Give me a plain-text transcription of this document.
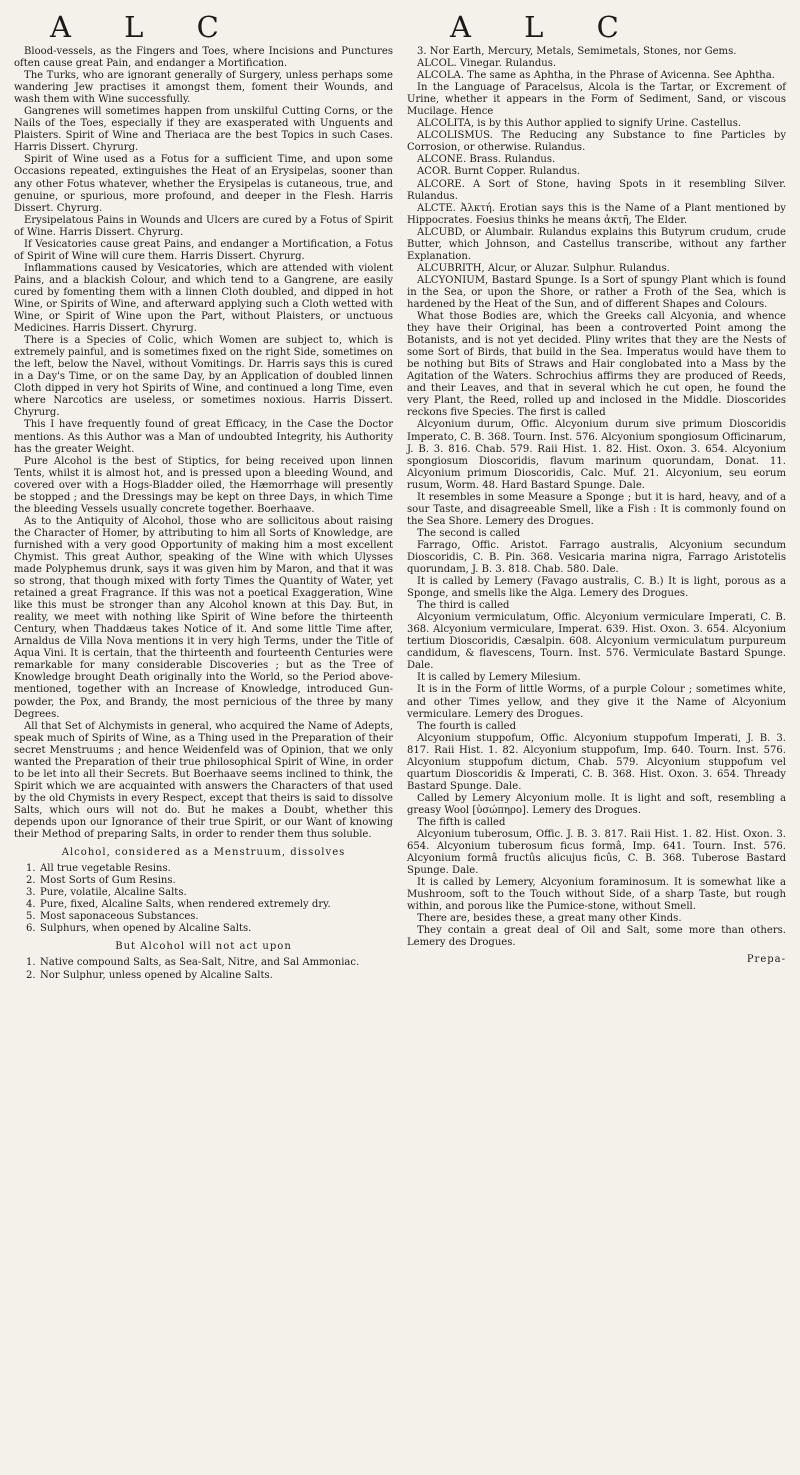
A L C	A L C

Blood-vessels, as the Fingers and Toes, where Incisions and Punctures often cause great Pain, and endanger a Mortification.

The Turks, who are ignorant generally of Surgery, unless perhaps some wandering Jew practises it amongst them, foment their Wounds, and wash them with Wine successfully.

Gangrenes will sometimes happen from unskilful Cutting Corns, or the Nails of the Toes, especially if they are exasperated with Unguents and Plaisters. Spirit of Wine and Theriaca are the best Topics in such Cases. Harris Dissert. Chyrurg.

Spirit of Wine used as a Fotus for a sufficient Time, and upon some Occasions repeated, extinguishes the Heat of an Erysipelas, sooner than any other Fotus whatever, whether the Erysipelas is cutaneous, true, and genuine, or spurious, more profound, and deeper in the Flesh. Harris Dissert. Chyrurg.

Erysipelatous Pains in Wounds and Ulcers are cured by a Fotus of Spirit of Wine. Harris Dissert. Chyrurg.

If Vesicatories cause great Pains, and endanger a Mortification, a Fotus of Spirit of Wine will cure them. Harris Dissert. Chyrurg.

Inflammations caused by Vesicatories, which are attended with violent Pains, and a blackish Colour, and which tend to a Gangrene, are easily cured by fomenting them with a linnen Cloth doubled, and dipped in hot Wine, or Spirits of Wine, and afterward applying such a Cloth wetted with Wine, or Spirit of Wine upon the Part, without Plaisters, or unctuous Medicines. Harris Dissert. Chyrurg.

There is a Species of Colic, which Women are subject to, which is extremely painful, and is sometimes fixed on the right Side, sometimes on the left, below the Navel, without Vomitings. Dr. Harris says this is cured in a Day's Time, or on the same Day, by an Application of doubled linnen Cloth dipped in very hot Spirits of Wine, and continued a long Time, even where Narcotics are useless, or sometimes noxious. Harris Dissert. Chyrurg.

This I have frequently found of great Efficacy, in the Case the Doctor mentions. As this Author was a Man of undoubted Integrity, his Authority has the greater Weight.

Pure Alcohol is the best of Stiptics, for being received upon linnen Tents, whilst it is almost hot, and is pressed upon a bleeding Wound, and covered over with a Hogs-Bladder oiled, the Hæmorrhage will presently be stopped ; and the Dressings may be kept on three Days, in which Time the bleeding Vessels usually concrete together. Boerhaave.

As to the Antiquity of Alcohol, those who are sollicitous about raising the Character of Homer, by attributing to him all Sorts of Knowledge, are furnished with a very good Opportunity of making him a most excellent Chymist. This great Author, speaking of the Wine with which Ulysses made Polyphemus drunk, says it was given him by Maron, and that it was so strong, that though mixed with forty Times the Quantity of Water, yet retained a great Fragrance. If this was not a poetical Exaggeration, Wine like this must be stronger than any Alcohol known at this Day. But, in reality, we meet with nothing like Spirit of Wine before the thirteenth Century, when Thaddæus takes Notice of it. And some little Time after, Arnaldus de Villa Nova mentions it in very high Terms, under the Title of Aqua Vini. It is certain, that the thirteenth and fourteenth Centuries were remarkable for many considerable Discoveries ; but as the Tree of Knowledge brought Death originally into the World, so the Period above-mentioned, together with an Increase of Knowledge, introduced Gun-powder, the Pox, and Brandy, the most pernicious of the three by many Degrees.

All that Set of Alchymists in general, who acquired the Name of Adepts, speak much of Spirits of Wine, as a Thing used in the Preparation of their secret Menstruums ; and hence Weidenfeld was of Opinion, that we only wanted the Preparation of their true philosophical Spirit of Wine, in order to be let into all their Secrets. But Boerhaave seems inclined to think, the Spirit which we are acquainted with answers the Characters of that used by the old Chymists in every Respect, except that theirs is said to dissolve Salts, which ours will not do. But he makes a Doubt, whether this depends upon our Ignorance of their true Spirit, or our Want of knowing their Method of preparing Salts, in order to render them thus soluble.

Alcohol, considered as a Menstruum, dissolves

1. All true vegetable Resins.
2. Most Sorts of Gum Resins.
3. Pure, volatile, Alcaline Salts.
4. Pure, fixed, Alcaline Salts, when rendered extremely dry.
5. Most saponaceous Substances.
6. Sulphurs, when opened by Alcaline Salts.

But Alcohol will not act upon

1. Native compound Salts, as Sea-Salt, Nitre, and Sal Ammoniac.
2. Nor Sulphur, unless opened by Alcaline Salts.

3. Nor Earth, Mercury, Metals, Semimetals, Stones, nor Gems.

ALCOL. Vinegar. Rulandus.

ALCOLA. The same as Aphtha, in the Phrase of Avicenna. See Aphtha.

In the Language of Paracelsus, Alcola is the Tartar, or Excrement of Urine, whether it appears in the Form of Sediment, Sand, or viscous Mucilage. Hence

ALCOLITA, is by this Author applied to signify Urine. Castellus.

ALCOLISMUS. The Reducing any Substance to fine Particles by Corrosion, or otherwise. Rulandus.

ALCONE. Brass. Rulandus.

ACOR. Burnt Copper. Rulandus.

ALCORE. A Sort of Stone, having Spots in it resembling Silver. Rulandus.

ALCTE. Ἀλκτή. Erotian says this is the Name of a Plant mentioned by Hippocrates. Foesius thinks he means ἀκτῆ, The Elder.

ALCUBD, or Alumbair. Rulandus explains this Butyrum crudum, crude Butter, which Johnson, and Castellus transcribe, without any farther Explanation.

ALCUBRITH, Alcur, or Aluzar. Sulphur. Rulandus.

ALCYONIUM, Bastard Spunge. Is a Sort of spungy Plant which is found in the Sea, or upon the Shore, or rather a Froth of the Sea, which is hardened by the Heat of the Sun, and of different Shapes and Colours.

What those Bodies are, which the Greeks call Alcyonia, and whence they have their Original, has been a controverted Point among the Botanists, and is not yet decided. Pliny writes that they are the Nests of some Sort of Birds, that build in the Sea. Imperatus would have them to be nothing but Bits of Straws and Hair conglobated into a Mass by the Agitation of the Waters. Schrochius affirms they are produced of Reeds, and their Leaves, and that in several which he cut open, he found the very Plant, the Reed, rolled up and inclosed in the Middle. Dioscorides reckons five Species. The first is called

Alcyonium durum, Offic. Alcyonium durum sive primum Dioscoridis Imperato, C. B. 368. Tourn. Inst. 576. Alcyonium spongiosum Officinarum, J. B. 3. 816. Chab. 579. Raii Hist. 1. 82. Hist. Oxon. 3. 654. Alcyonium spongiosum Dioscoridis, flavum marinum quorundam, Donat. 11. Alcyonium primum Dioscoridis, Calc. Muf. 21. Alcyonium, seu eorum rusum, Worm. 48. Hard Bastard Spunge. Dale.

It resembles in some Measure a Sponge ; but it is hard, heavy, and of a sour Taste, and disagreeable Smell, like a Fish : It is commonly found on the Sea Shore. Lemery des Drogues.

The second is called

Farrago, Offic. Aristot. Farrago australis, Alcyonium secundum Dioscoridis, C. B. Pin. 368. Vesicaria marina nigra, Farrago Aristotelis quorundam, J. B. 3. 818. Chab. 580. Dale.

It is called by Lemery (Favago australis, C. B.) It is light, porous as a Sponge, and smells like the Alga. Lemery des Drogues.

The third is called

Alcyonium vermiculatum, Offic. Alcyonium vermiculare Imperati, C. B. 368. Alcyonium vermiculare, Imperat. 639. Hist. Oxon. 3. 654. Alcyonium tertium Dioscoridis, Cæsalpin. 608. Alcyonium vermiculatum purpureum candidum, & flavescens, Tourn. Inst. 576. Vermiculate Bastard Spunge. Dale.

It is called by Lemery Milesium.

It is in the Form of little Worms, of a purple Colour ; sometimes white, and other Times yellow, and they give it the Name of Alcyonium vermiculare. Lemery des Drogues.

The fourth is called

Alcyonium stuppofum, Offic. Alcyonium stuppofum Imperati, J. B. 3. 817. Raii Hist. 1. 82. Alcyonium stuppofum, Imp. 640. Tourn. Inst. 576. Alcyonium stuppofum dictum, Chab. 579. Alcyonium stuppofum vel quartum Dioscoridis & Imperati, C. B. 368. Hist. Oxon. 3. 654. Thready Bastard Spunge. Dale.

Called by Lemery Alcyonium molle. It is light and soft, resembling a greasy Wool [ὑσώπηρο]. Lemery des Drogues.

The fifth is called

Alcyonium tuberosum, Offic. J. B. 3. 817. Raii Hist. 1. 82. Hist. Oxon. 3. 654. Alcyonium tuberosum ficus formâ, Imp. 641. Tourn. Inst. 576. Alcyonium formâ fructûs alicujus ficûs, C. B. 368. Tuberose Bastard Spunge. Dale.

It is called by Lemery, Alcyonium foraminosum. It is somewhat like a Mushroom, soft to the Touch without Side, of a sharp Taste, but rough within, and porous like the Pumice-stone, without Smell.

There are, besides these, a great many other Kinds.

They contain a great deal of Oil and Salt, some more than others. Lemery des Drogues.

Prepa-
